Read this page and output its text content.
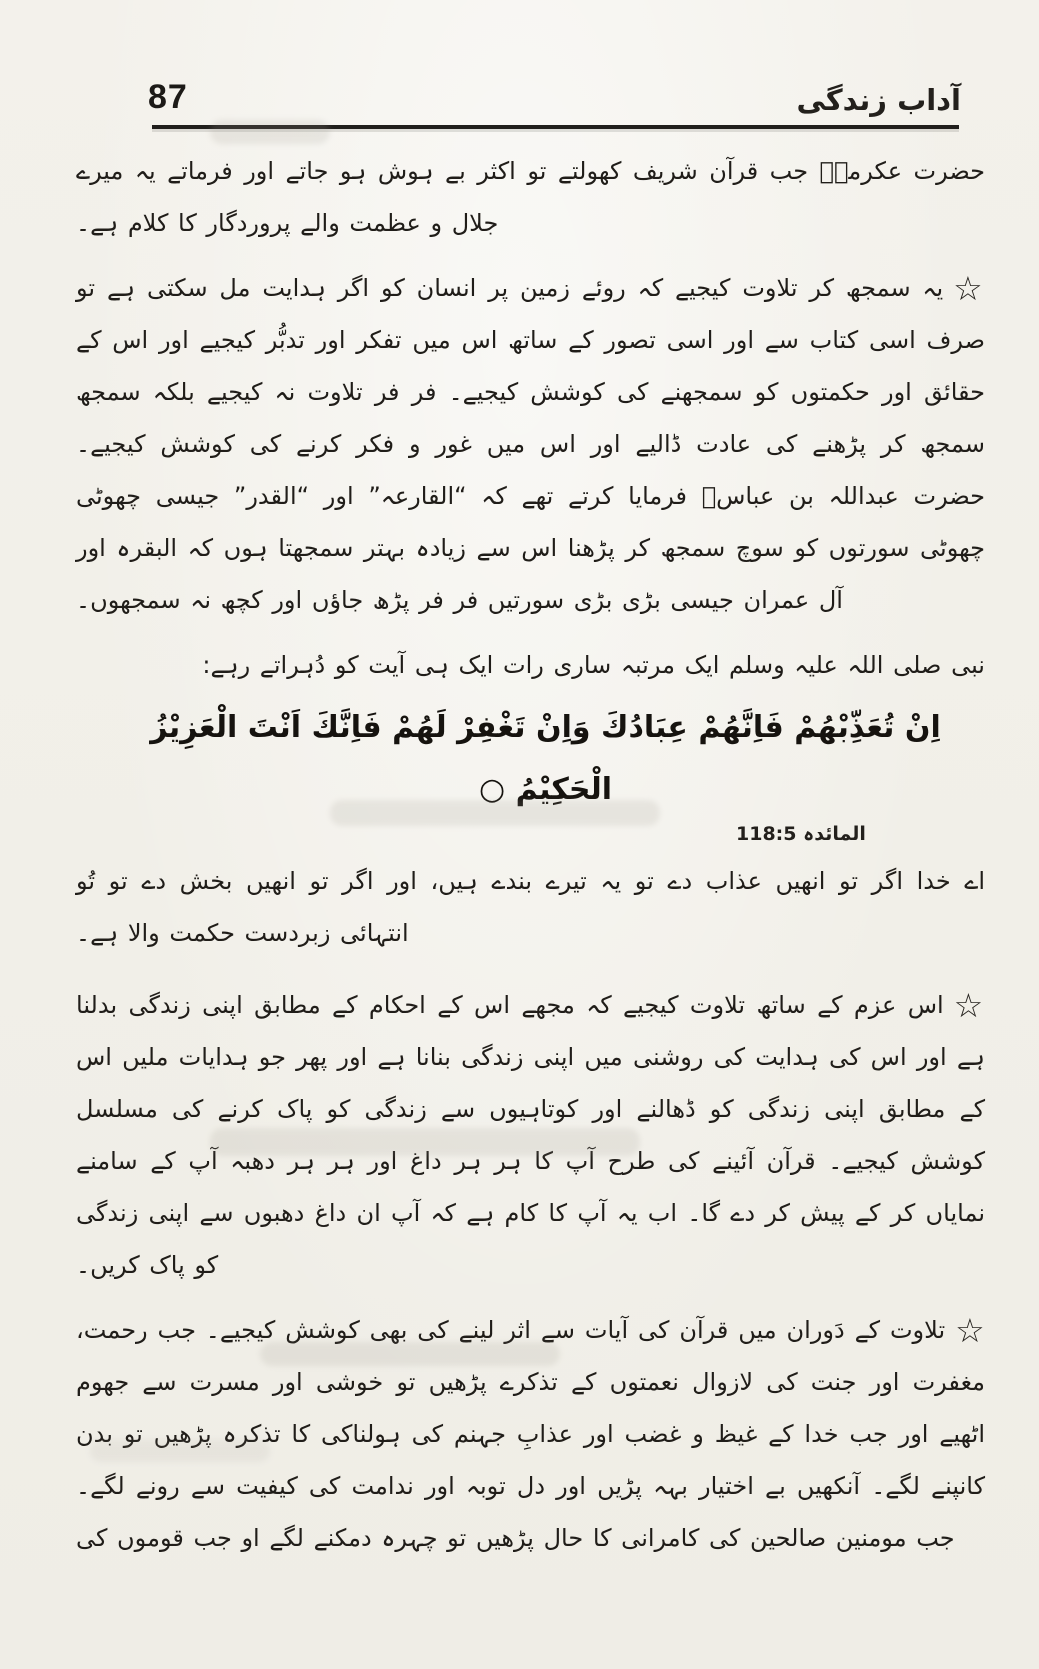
87	آداب زندگی

حضرت عکرمہؓ جب قرآن شریف کھولتے تو اکثر بے ہوش ہو جاتے اور فرماتے یہ میرے جلال و عظمت والے پروردگار کا کلام ہے۔

☆یہ سمجھ کر تلاوت کیجیے کہ روئے زمین پر انسان کو اگر ہدایت مل سکتی ہے تو صرف اسی کتاب سے اور اسی تصور کے ساتھ اس میں تفکر اور تدبُّر کیجیے اور اس کے حقائق اور حکمتوں کو سمجھنے کی کوشش کیجیے۔ فر فر تلاوت نہ کیجیے بلکہ سمجھ سمجھ کر پڑھنے کی عادت ڈالیے اور اس میں غور و فکر کرنے کی کوشش کیجیے۔ حضرت عبداللہ بن عباسؓ فرمایا کرتے تھے کہ “القارعہ” اور “القدر” جیسی چھوٹی چھوٹی سورتوں کو سوچ سمجھ کر پڑھنا اس سے زیادہ بہتر سمجھتا ہوں کہ البقرہ اور آل عمران جیسی بڑی بڑی سورتیں فر فر پڑھ جاؤں اور کچھ نہ سمجھوں۔

نبی صلی اللہ علیہ وسلم ایک مرتبہ ساری رات ایک ہی آیت کو دُہراتے رہے:

اِنْ تُعَذِّبْهُمْ فَاِنَّهُمْ عِبَادُكَ وَاِنْ تَغْفِرْ لَهُمْ فَاِنَّكَ اَنْتَ الْعَزِيْزُ الْحَكِيْمُ ○
المائدہ 118:5

اے خدا اگر تو انھیں عذاب دے تو یہ تیرے بندے ہیں، اور اگر تو انھیں بخش دے تو تُو انتہائی زبردست حکمت والا ہے۔

☆اس عزم کے ساتھ تلاوت کیجیے کہ مجھے اس کے احکام کے مطابق اپنی زندگی بدلنا ہے اور اس کی ہدایت کی روشنی میں اپنی زندگی بنانا ہے اور پھر جو ہدایات ملیں اس کے مطابق اپنی زندگی کو ڈھالنے اور کوتاہیوں سے زندگی کو پاک کرنے کی مسلسل کوشش کیجیے۔ قرآن آئینے کی طرح آپ کا ہر ہر داغ اور ہر ہر دھبہ آپ کے سامنے نمایاں کر کے پیش کر دے گا۔ اب یہ آپ کا کام ہے کہ آپ ان داغ دھبوں سے اپنی زندگی کو پاک کریں۔

☆تلاوت کے دَوران میں قرآن کی آیات سے اثر لینے کی بھی کوشش کیجیے۔ جب رحمت، مغفرت اور جنت کی لازوال نعمتوں کے تذکرے پڑھیں تو خوشی اور مسرت سے جھوم اٹھیے اور جب خدا کے غیظ و غضب اور عذابِ جہنم کی ہولناکی کا تذکرہ پڑھیں تو بدن کانپنے لگے۔ آنکھیں بے اختیار بہہ پڑیں اور دل توبہ اور ندامت کی کیفیت سے رونے لگے۔ جب مومنین صالحین کی کامرانی کا حال پڑھیں تو چہرہ دمکنے لگے او جب قوموں کی
